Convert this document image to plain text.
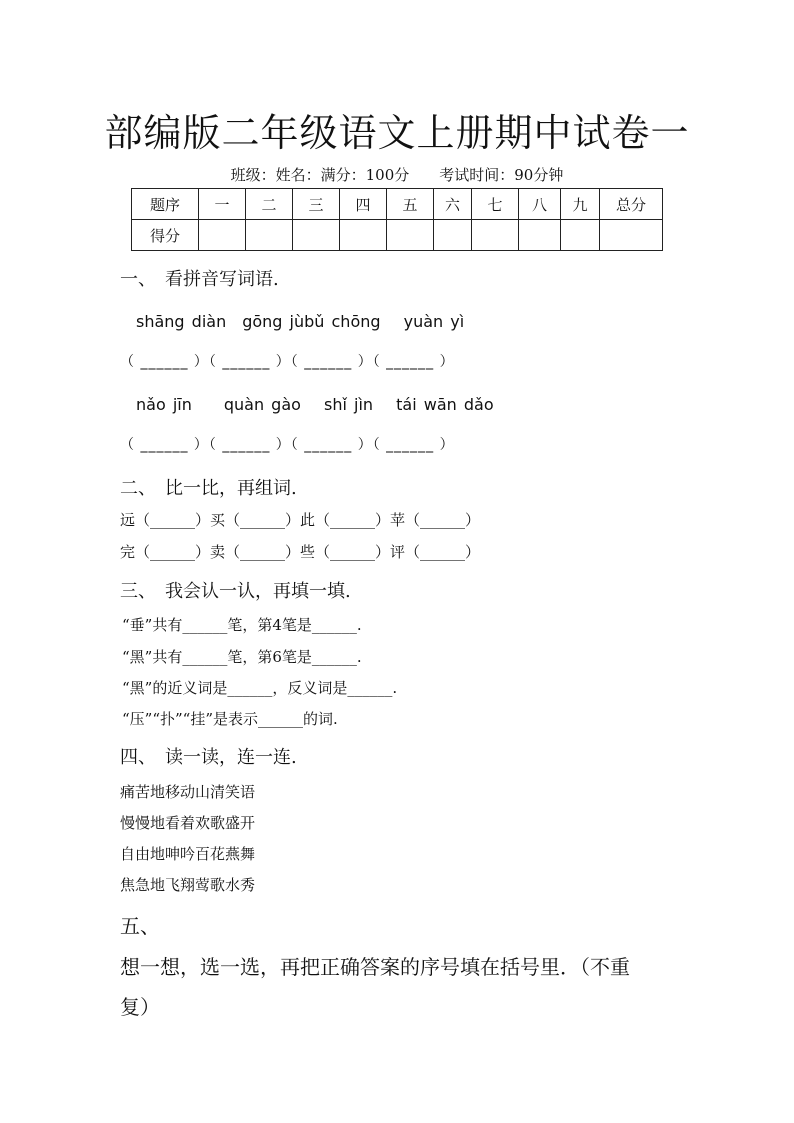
部编版二年级语文上册期中试卷一
班级：姓名：满分：100分　　考试时间：90分钟
题序	一	二	三	四	五	六	七	八	九	总分
得分										
一、　看拼音写词语.
shāng diàn　gōng jùbǔ chōng　 yuàn yì
（ ______ ）（ ______ ）（ ______ ）（ ______ ）
nǎo jīn　　quàn gào　 shǐ jìn　 tái wān dǎo
（ ______ ）（ ______ ）（ ______ ）（ ______ ）
二、　比一比，再组词.
远（______）买（______）此（______）苹（______）
完（______）卖（______）些（______）评（______）
三、　我会认一认，再填一填.
“垂”共有______笔，第4笔是______.
“黑”共有______笔，第6笔是______.
“黑”的近义词是______，反义词是______.
“压”“扑”“挂”是表示______的词.
四、　读一读，连一连.
痛苦地移动山清笑语
慢慢地看着欢歌盛开
自由地呻吟百花燕舞
焦急地飞翔莺歌水秀
五、
想一想，选一选，再把正确答案的序号填在括号里．（不重
复）
